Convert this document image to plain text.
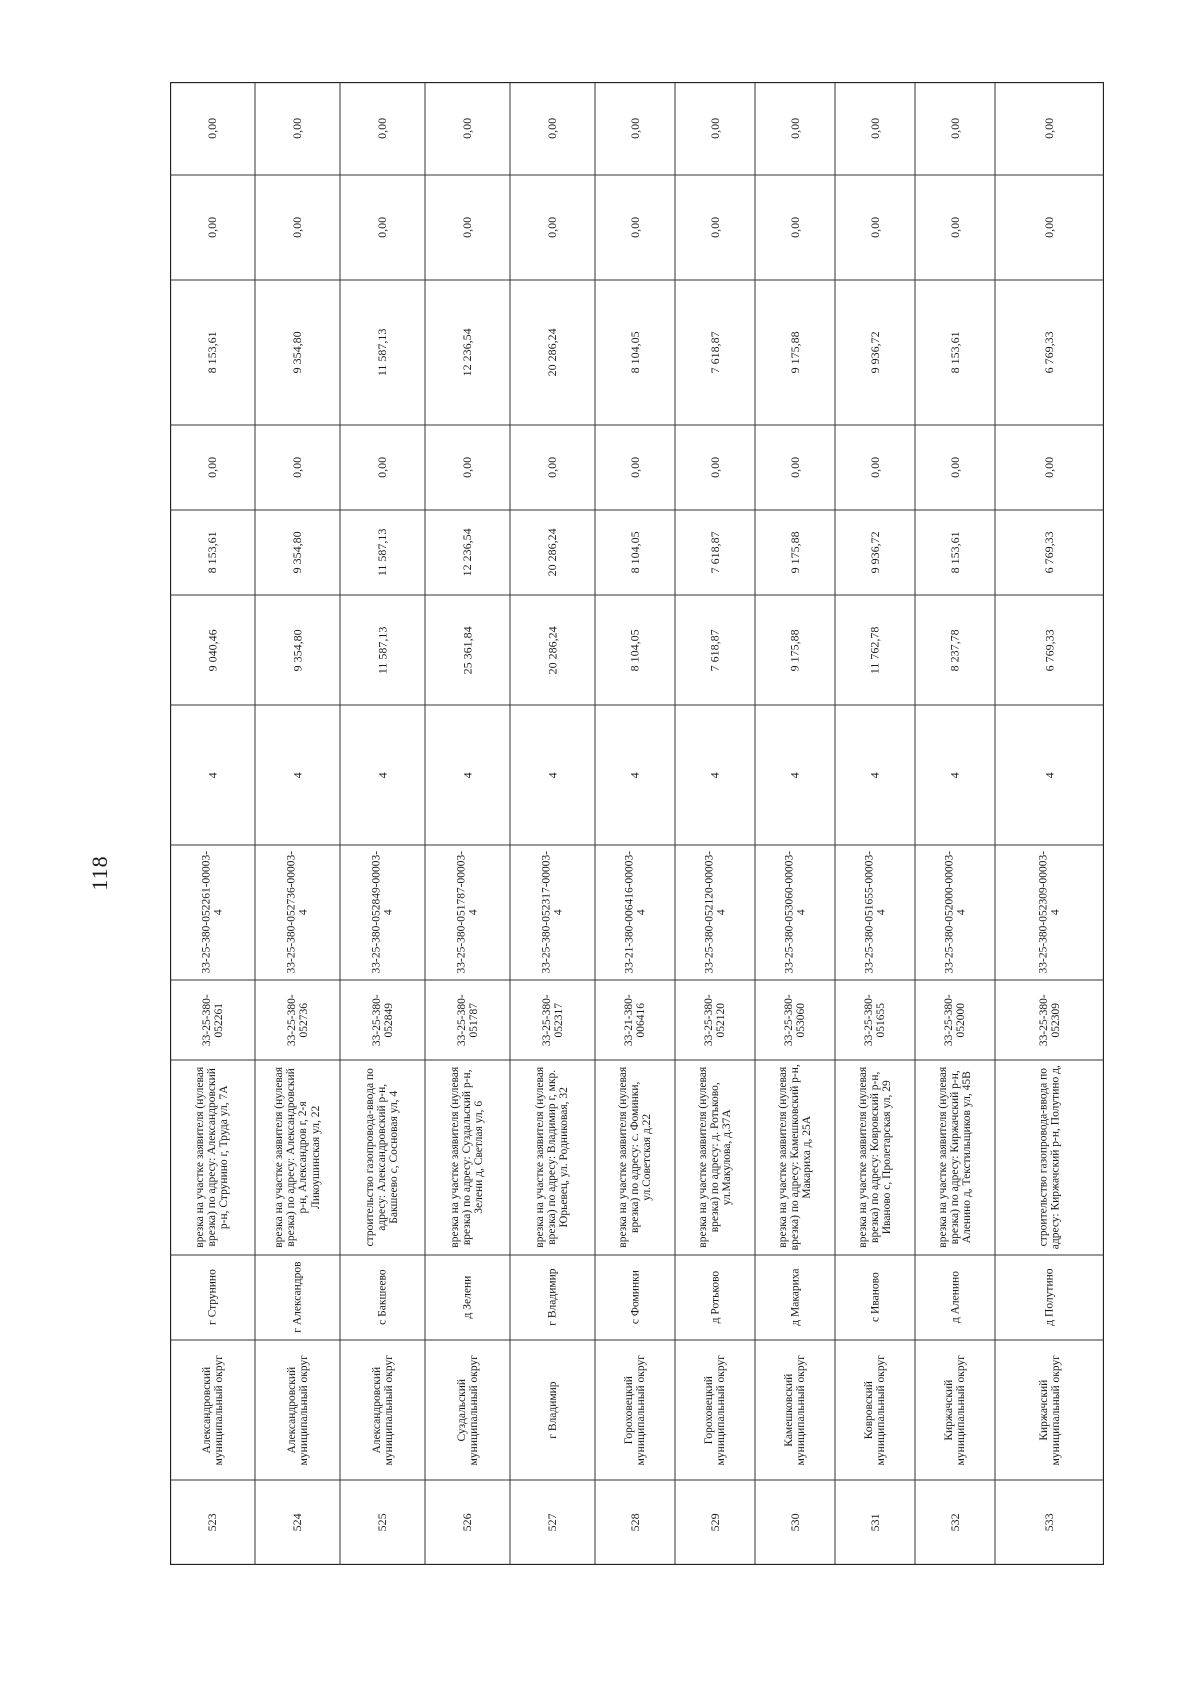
118
523
Александровский муниципальный округ
г Струнино
врезка на участке заявителя (нулевая врезка) по адресу: Александровский р-н, Струнино г, Труда ул, 7А
33-25-380-052261
33-25-380-052261-00003-4
4
9 040,46
8 153,61
0,00
8 153,61
0,00
0,00
524
Александровский муниципальный округ
г Александров
врезка на участке заявителя (нулевая врезка) по адресу: Александровский р-н, Александров г, 2-я Ликоушинская ул, 22
33-25-380-052736
33-25-380-052736-00003-4
4
9 354,80
9 354,80
0,00
9 354,80
0,00
0,00
525
Александровский муниципальный округ
с Бакшеево
строительство газопровода-ввода по адресу: Александровский р-н, Бакшеево с, Сосновая ул, 4
33-25-380-052849
33-25-380-052849-00003-4
4
11 587,13
11 587,13
0,00
11 587,13
0,00
0,00
526
Суздальский муниципальный округ
д Зелени
врезка на участке заявителя (нулевая врезка) по адресу: Суздальский р-н, Зелени д, Светлая ул, 6
33-25-380-051787
33-25-380-051787-00003-4
4
25 361,84
12 236,54
0,00
12 236,54
0,00
0,00
527
г Владимир
г Владимир
врезка на участке заявителя (нулевая врезка) по адресу: Владимир г, мкр. Юрьевец, ул. Родниковая, 32
33-25-380-052317
33-25-380-052317-00003-4
4
20 286,24
20 286,24
0,00
20 286,24
0,00
0,00
528
Гороховецкий муниципальный округ
с Фоминки
врезка на участке заявителя (нулевая врезка) по адресу: с. Фоминки, ул.Советская д.22
33-21-380-006416
33-21-380-006416-00003-4
4
8 104,05
8 104,05
0,00
8 104,05
0,00
0,00
529
Гороховецкий муниципальный округ
д Ротьково
врезка на участке заявителя (нулевая врезка) по адресу: д. Ротьково, ул.Макулова, д.37А
33-25-380-052120
33-25-380-052120-00003-4
4
7 618,87
7 618,87
0,00
7 618,87
0,00
0,00
530
Камешковский муниципальный округ
д Макариха
врезка на участке заявителя (нулевая врезка) по адресу: Камешковский р-н, Макариха д, 25А
33-25-380-053060
33-25-380-053060-00003-4
4
9 175,88
9 175,88
0,00
9 175,88
0,00
0,00
531
Ковровский муниципальный округ
с Иваново
врезка на участке заявителя (нулевая врезка) по адресу: Ковровский р-н, Иваново с, Пролетарская ул, 29
33-25-380-051655
33-25-380-051655-00003-4
4
11 762,78
9 936,72
0,00
9 936,72
0,00
0,00
532
Киржачский муниципальный округ
д Аленино
врезка на участке заявителя (нулевая врезка) по адресу: Киржачский р-н, Аленино д, Текстильщиков ул, 45В
33-25-380-052000
33-25-380-052000-00003-4
4
8 237,78
8 153,61
0,00
8 153,61
0,00
0,00
533
Киржачский муниципальный округ
д Полутино
строительство газопровода-ввода по адресу: Киржачский р-н, Полутино д,
33-25-380-052309
33-25-380-052309-00003-4
4
6 769,33
6 769,33
0,00
6 769,33
0,00
0,00
